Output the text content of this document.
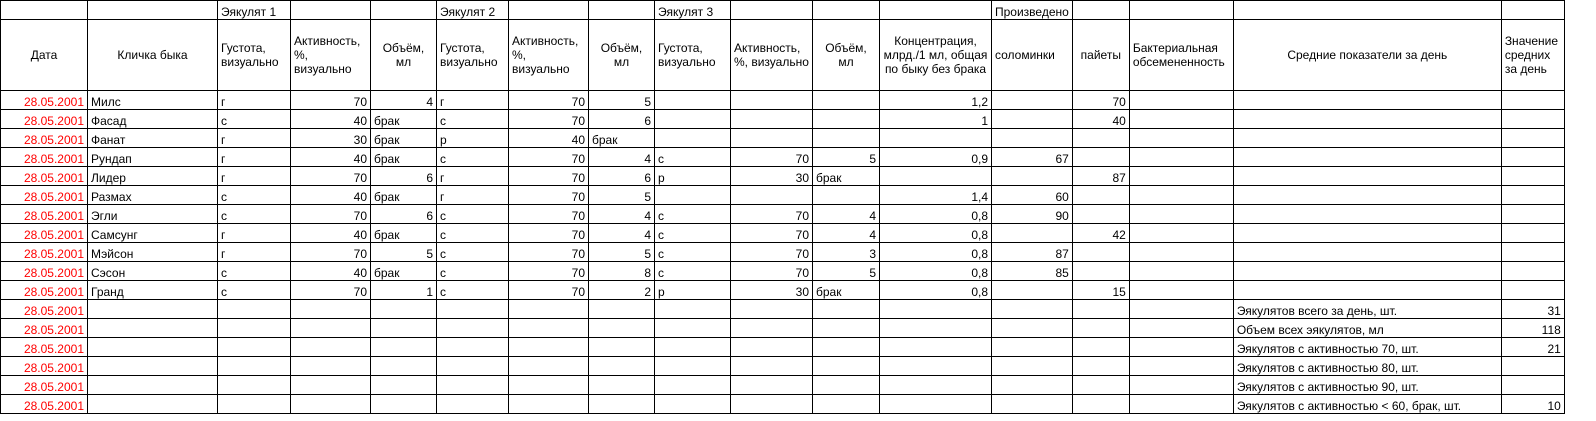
		Эякулят 1			Эякулят 2			Эякулят 3				Произведено				
Дата	Кличка быка	Густота, визуально	Активность, %, визуально	Объём, мл	Густота, визуально	Активность, %, визуально	Объём, мл	Густота, визуально	Активность, %, визуально	Объём, мл	Концентрация, млрд./1 мл, общая по быку без брака	соломинки	пайеты	Бактериальная обсемененность	Средние показатели за день	Значение средних за день
28.05.2001	Милс	г	70	4	г	70	5				1,2		70			
28.05.2001	Фасад	с	40	брак	с	70	6				1		40			
28.05.2001	Фанат	г	30	брак	р	40	брак									
28.05.2001	Рундап	г	40	брак	с	70	4	с	70	5	0,9	67				
28.05.2001	Лидер	г	70	6	г	70	6	р	30	брак			87			
28.05.2001	Размах	с	40	брак	г	70	5				1,4	60				
28.05.2001	Эгли	с	70	6	с	70	4	с	70	4	0,8	90				
28.05.2001	Самсунг	г	40	брак	с	70	4	с	70	4	0,8		42			
28.05.2001	Мэйсон	г	70	5	с	70	5	с	70	3	0,8	87				
28.05.2001	Сэсон	с	40	брак	с	70	8	с	70	5	0,8	85				
28.05.2001	Гранд	с	70	1	с	70	2	р	30	брак	0,8		15			
28.05.2001															Эякулятов всего за день, шт.	31
28.05.2001															Объем всех эякулятов, мл	118
28.05.2001															Эякулятов с активностью 70, шт.	21
28.05.2001															Эякулятов с активностью 80, шт.	
28.05.2001															Эякулятов с активностью 90, шт.	
28.05.2001															Эякулятов с активностью < 60, брак, шт.	10
